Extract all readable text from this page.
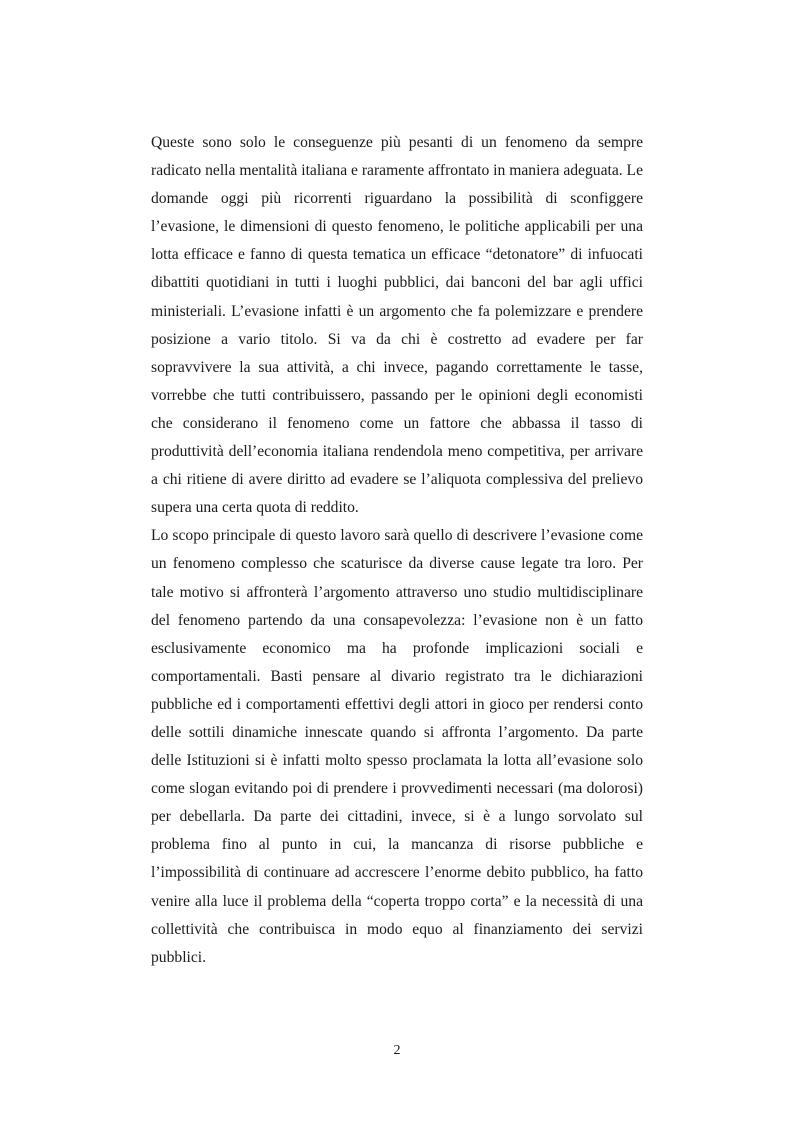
Queste sono solo le conseguenze più pesanti di un fenomeno da sempre radicato nella mentalità italiana e raramente affrontato in maniera adeguata. Le domande oggi più ricorrenti riguardano la possibilità di sconfiggere l’evasione, le dimensioni di questo fenomeno, le politiche applicabili per una lotta efficace e fanno di questa tematica un efficace “detonatore” di infuocati dibattiti quotidiani in tutti i luoghi pubblici, dai banconi del bar agli uffici ministeriali. L’evasione infatti è un argomento che fa polemizzare e prendere posizione a vario titolo. Si va da chi è costretto ad evadere per far sopravvivere la sua attività, a chi invece, pagando correttamente le tasse, vorrebbe che tutti contribuissero, passando per le opinioni degli economisti che considerano il fenomeno come un fattore che abbassa il tasso di produttività dell’economia italiana rendendola meno competitiva, per arrivare a chi ritiene di avere diritto ad evadere se l’aliquota complessiva del prelievo supera una certa quota di reddito.

Lo scopo principale di questo lavoro sarà quello di descrivere l’evasione come un fenomeno complesso che scaturisce da diverse cause legate tra loro. Per tale motivo si affronterà l’argomento attraverso uno studio multidisciplinare del fenomeno partendo da una consapevolezza: l’evasione non è un fatto esclusivamente economico ma ha profonde implicazioni sociali e comportamentali. Basti pensare al divario registrato tra le dichiarazioni pubbliche ed i comportamenti effettivi degli attori in gioco per rendersi conto delle sottili dinamiche innescate quando si affronta l’argomento. Da parte delle Istituzioni si è infatti molto spesso proclamata la lotta all’evasione solo come slogan evitando poi di prendere i provvedimenti necessari (ma dolorosi) per debellarla. Da parte dei cittadini, invece, si è a lungo sorvolato sul problema fino al punto in cui, la mancanza di risorse pubbliche e l’impossibilità di continuare ad accrescere l’enorme debito pubblico, ha fatto venire alla luce il problema della “coperta troppo corta” e la necessità di una collettività che contribuisca in modo equo al finanziamento dei servizi pubblici.

2
